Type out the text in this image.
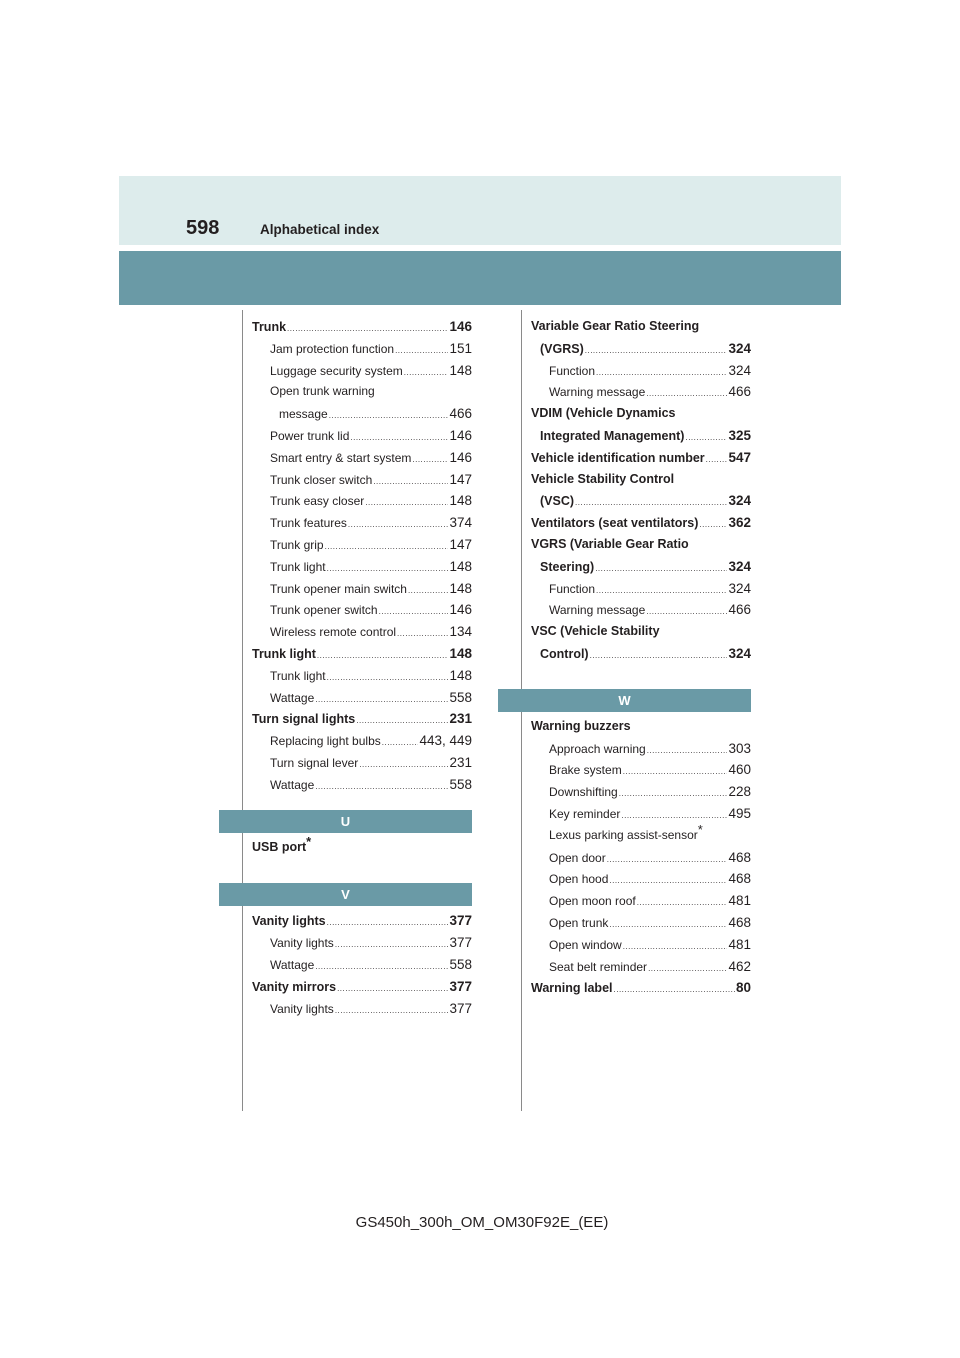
598	Alphabetical index
Trunk .....	146
Jam protection function .....	151
Luggage security system .....	148
Open trunk warning
message .....	466
Power trunk lid .....	146
Smart entry & start system .....	146
Trunk closer switch .....	147
Trunk easy closer .....	148
Trunk features .....	374
Trunk grip .....	147
Trunk light .....	148
Trunk opener main switch .....	148
Trunk opener switch .....	146
Wireless remote control .....	134
Trunk light .....	148
Trunk light .....	148
Wattage .....	558
Turn signal lights .....	231
Replacing light bulbs .....	443, 449
Turn signal lever .....	231
Wattage .....	558
U
USB port*
V
Vanity lights .....	377
Vanity lights .....	377
Wattage .....	558
Vanity mirrors .....	377
Vanity lights .....	377
Variable Gear Ratio Steering
(VGRS) .....	324
Function .....	324
Warning message .....	466
VDIM (Vehicle Dynamics
Integrated Management) .....	325
Vehicle identification number ..... 547
Vehicle Stability Control
(VSC) .....	324
Ventilators (seat ventilators) ..... 362
VGRS (Variable Gear Ratio
Steering) .....	324
Function .....	324
Warning message .....	466
VSC (Vehicle Stability
Control) .....	324
W
Warning buzzers
Approach warning .....	303
Brake system .....	460
Downshifting .....	228
Key reminder .....	495
Lexus parking assist-sensor*
Open door .....	468
Open hood .....	468
Open moon roof .....	481
Open trunk .....	468
Open window .....	481
Seat belt reminder .....	462
Warning label .....	80
GS450h_300h_OM_OM30F92E_(EE)
